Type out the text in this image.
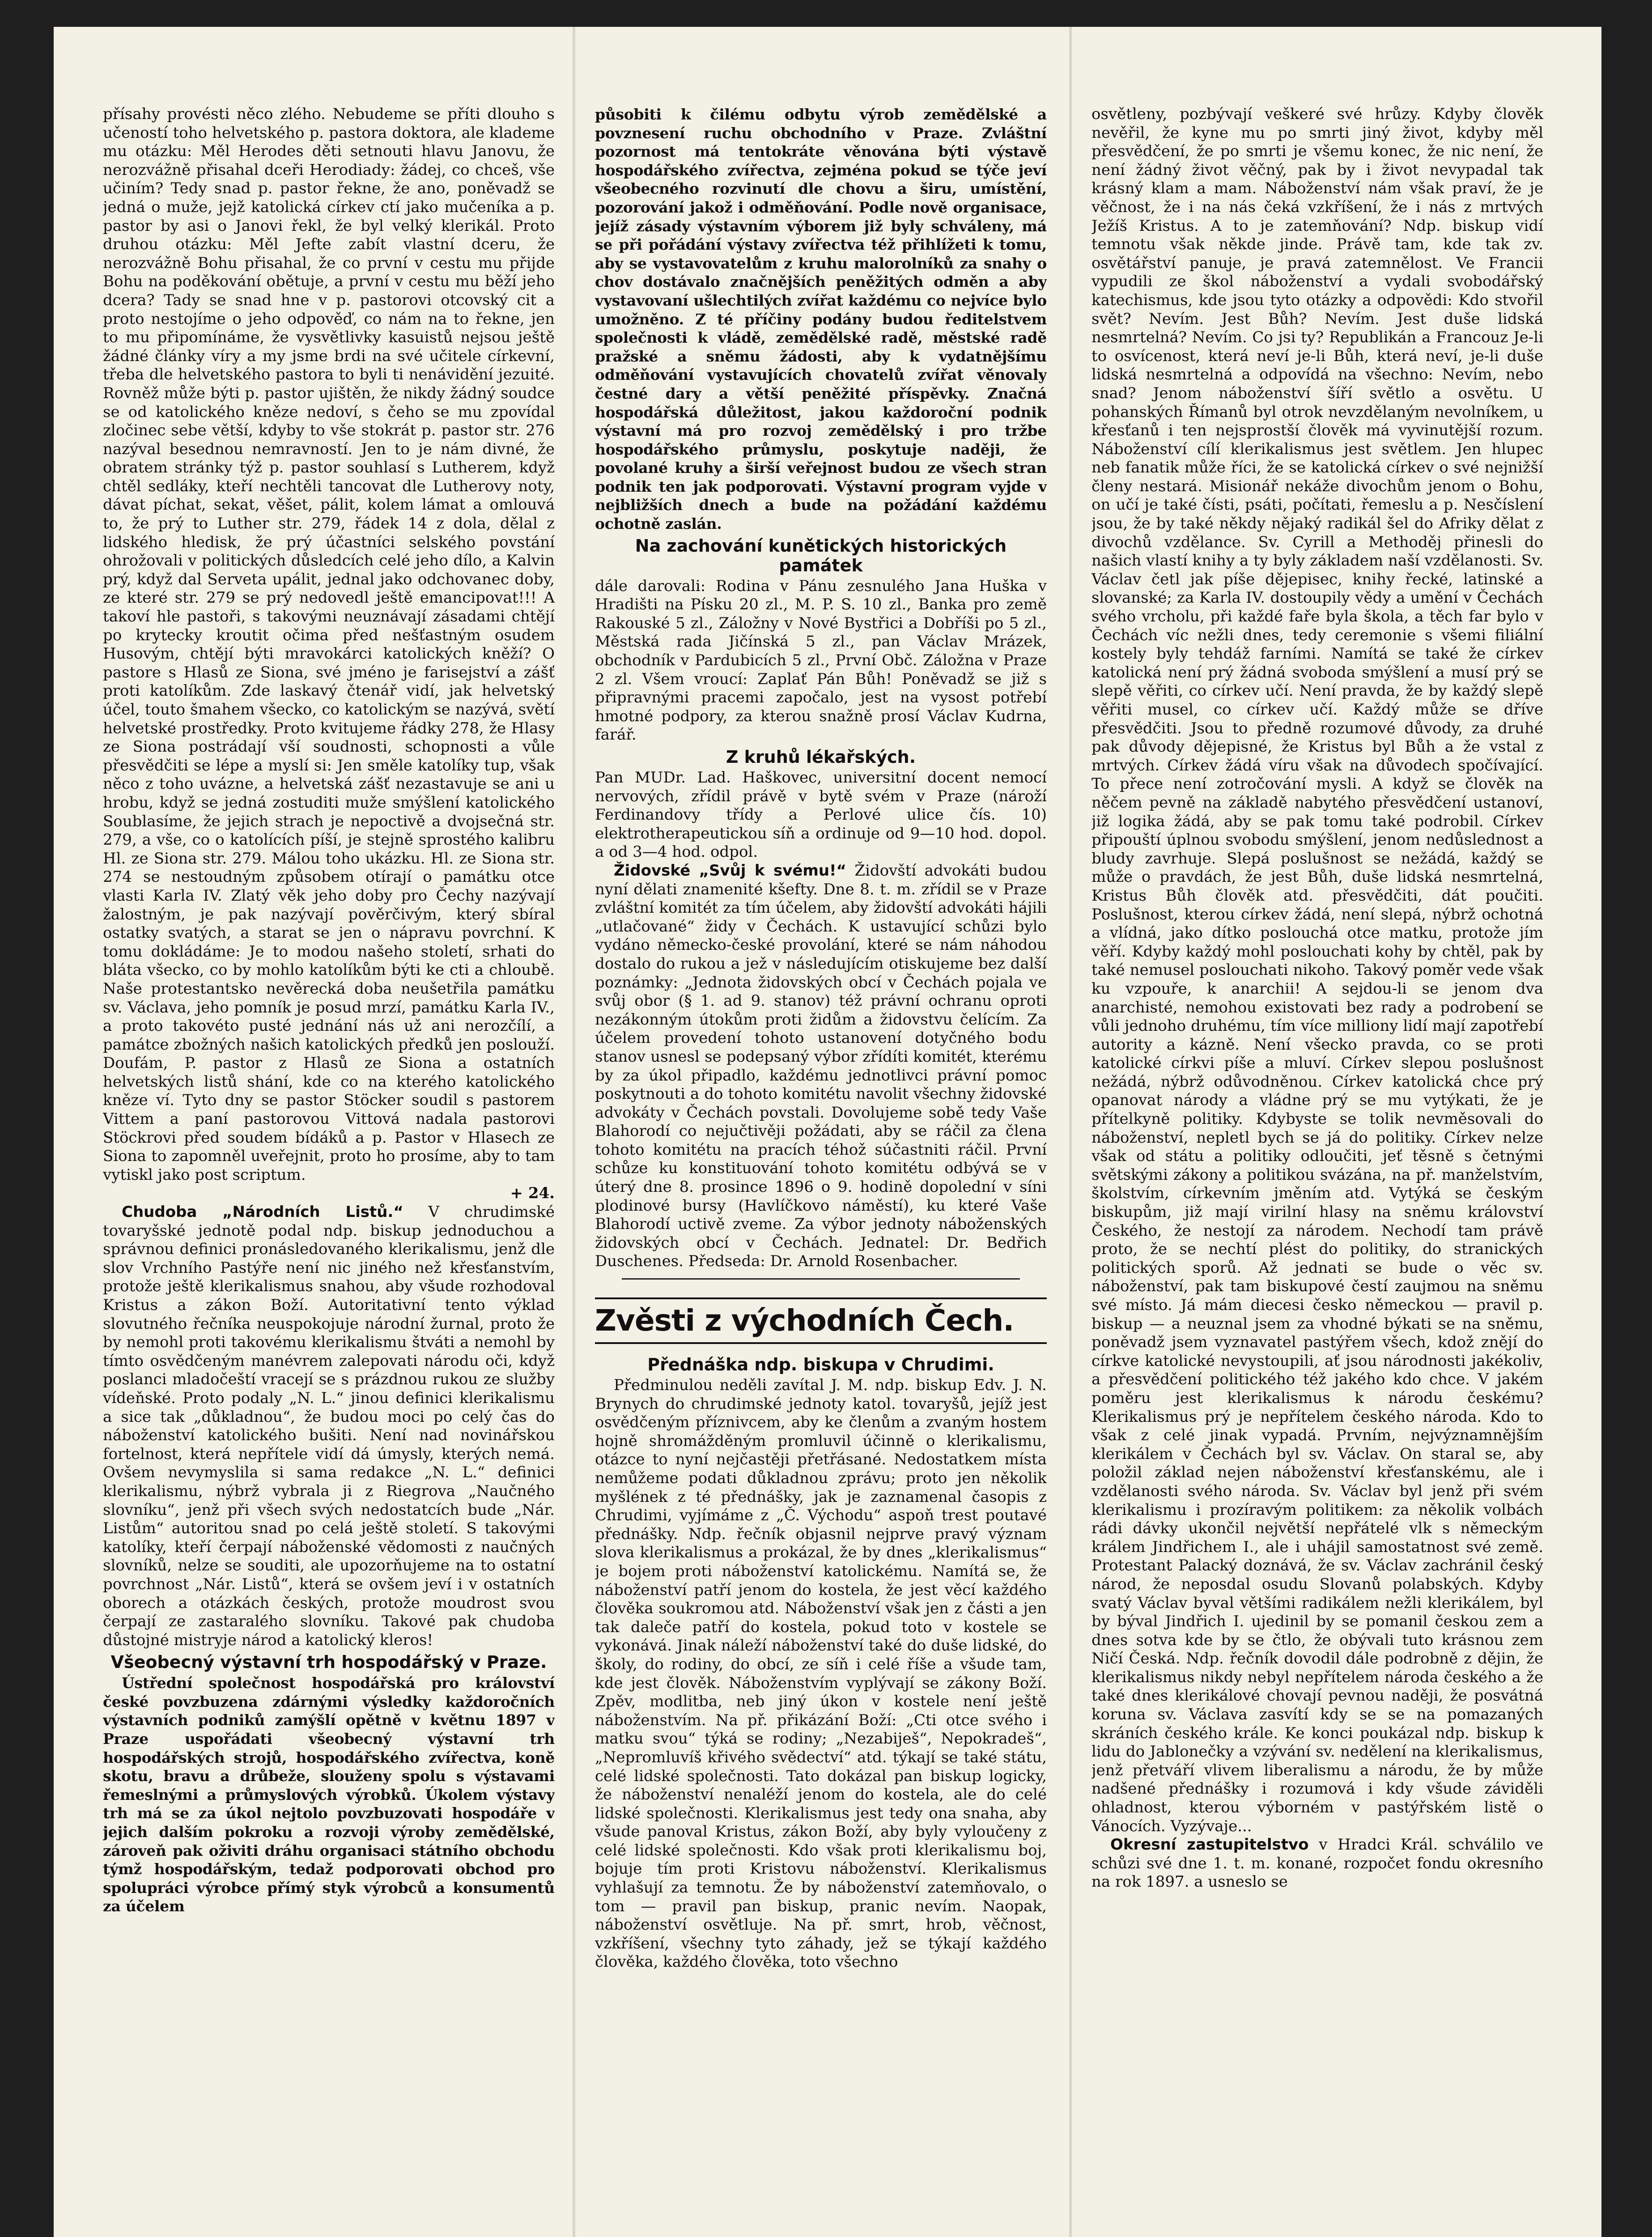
přísahy provésti něco zlého. Nebudeme se příti dlouho s učeností toho helvetského p. pastora doktora, ale klademe mu otázku: Měl Herodes děti setnouti hlavu Janovu, že nerozvážně přisahal dceři Herodiady: žádej, co chceš, vše učiním? Tedy snad p. pastor řekne, že ano, poněvadž se jedná o muže, jejž katolická církev ctí jako mučeníka a p. pastor by asi o Janovi řekl, že byl velký klerikál. Proto druhou otázku: Měl Jefte zabít vlastní dceru, že nerozvážně Bohu přisahal, že co první v cestu mu přijde Bohu na poděkování obětuje, a první v cestu mu běží jeho dcera? Tady se snad hne v p. pastorovi otcovský cit a proto nestojíme o jeho odpověď, co nám na to řekne, jen to mu připomínáme, že vysvětlivky kasuistů nejsou ještě žádné články víry a my jsme brdi na své učitele církevní, třeba dle helvetského pastora to byli ti nenávidění jezuité. Rovněž může býti p. pastor ujištěn, že nikdy žádný soudce se od katolického kněze nedoví, s čeho se mu zpovídal zločinec sebe větší, kdyby to vše stokrát p. pastor str. 276 nazýval besednou nemravností. Jen to je nám divné, že obratem stránky týž p. pastor souhlasí s Lutherem, když chtěl sedláky, kteří nechtěli tancovat dle Lutherovy noty, dávat píchat, sekat, věšet, pálit, kolem lámat a omlouvá to, že prý to Luther str. 279, řádek 14 z dola, dělal z lidského hledisk, že prý účastníci selského povstání ohrožovali v politických důsledcích celé jeho dílo, a Kalvin prý, když dal Serveta upálit, jednal jako odchovanec doby, ze které str. 279 se prý nedovedl ještě emancipovat!!! A takoví hle pastoři, s takovými neuznávají zásadami chtějí po krytecky kroutit očima před nešťastným osudem Husovým, chtějí býti mravokárci katolických kněží? O pastore s Hlasů ze Siona, své jméno je farisejství a zášť proti katolíkům. Zde laskavý čtenář vidí, jak helvetský účel, touto šmahem všecko, co katolickým se nazývá, světí helvetské prostředky. Proto kvitujeme řádky 278, že Hlasy ze Siona postrádají vší soudnosti, schopnosti a vůle přesvědčiti se lépe a myslí si: Jen směle katolíky tup, však něco z toho uvázne, a helvetská zášť nezastavuje se ani u hrobu, když se jedná zostuditi muže smýšlení katolického Soublasíme, že jejich strach je nepoctivě a dvojsečná str. 279, a vše, co o katolících píší, je stejně sprostého kalibru Hl. ze Siona str. 279. Málou toho ukázku. Hl. ze Siona str. 274 se nestoudným způsobem otírají o památku otce vlasti Karla IV. Zlatý věk jeho doby pro Čechy nazývají žalostným, je pak nazývají pověrčivým, který sbíral ostatky svatých, a starat se jen o nápravu povrchní. K tomu dokládáme: Je to modou našeho století, srhati do bláta všecko, co by mohlo katolíkům býti ke cti a chloubě. Naše protestantsko nevěrecká doba neušetřila památku sv. Václava, jeho pomník je posud mrzí, památku Karla IV., a proto takovéto pusté jednání nás už ani nerozčílí, a památce zbožných našich katolických předků jen poslouží. Doufám, P. pastor z Hlasů ze Siona a ostatních helvetských listů shání, kde co na kterého katolického kněze ví. Tyto dny se pastor Stöcker soudil s pastorem Vittem a paní pastorovou Vittová nadala pastorovi Stöckrovi před soudem bídáků a p. Pastor v Hlasech ze Siona to zapomněl uveřejnit, proto ho prosíme, aby to tam vytiskl jako post scriptum.

+ 24.

Chudoba „Národních Listů.“ V chrudimské tovaryšské jednotě podal ndp. biskup jednoduchou a správnou definici pronásledovaného klerikalismu, jenž dle slov Vrchního Pastýře není nic jiného než křesťanstvím, protože ještě klerikalismus snahou, aby všude rozhodoval Kristus a zákon Boží. Autoritativní tento výklad slovutného řečníka neuspokojuje národní žurnal, proto že by nemohl proti takovému klerikalismu štváti a nemohl by tímto osvědčeným manévrem zalepovati národu oči, když poslanci mladočeští vracejí se s prázdnou rukou ze služby vídeňské. Proto podaly „N. L.“ jinou definici klerikalismu a sice tak „důkladnou“, že budou moci po celý čas do náboženství katolického bušiti. Není nad novinářskou fortelnost, která nepřítele vidí dá úmysly, kterých nemá. Ovšem nevymyslila si sama redakce „N. L.“ definici klerikalismu, nýbrž vybrala ji z Riegrova „Naučného slovníku“, jenž při všech svých nedostatcích bude „Nár. Listům“ autoritou snad po celá ještě století. S takovými katolíky, kteří čerpají náboženské vědomosti z naučných slovníků, nelze se souditi, ale upozorňujeme na to ostatní povrchnost „Nár. Listů“, která se ovšem jeví i v ostatních oborech a otázkách českých, protože moudrost svou čerpají ze zastaralého slovníku. Takové pak chudoba důstojné mistryje národ a katolický kleros!

Všeobecný výstavní trh hospodářský v Praze.

Ústřední společnost hospodářská pro království české povzbuzena zdárnými výsledky každoročních výstavních podniků zamýšlí opětně v květnu 1897 v Praze uspořádati všeobecný výstavní trh hospodářských strojů, hospodářského zvířectva, koně skotu, bravu a drůbeže, slouženy spolu s výstavami řemeslnými a průmyslových výrobků. Úkolem výstavy trh má se za úkol nejtolo povzbuzovati hospodáře v jejich dalším pokroku a rozvoji výroby zemědělské, zároveň pak oživiti dráhu organisaci státního obchodu týmž hospodářským, tedaž podporovati obchod pro spolupráci výrobce přímý styk výrobců a konsumentů za účelem

působiti k čilému odbytu výrob zemědělské a povznesení ruchu obchodního v Praze. Zvláštní pozornost má tentokráte věnována býti výstavě hospodářského zvířectva, zejména pokud se týče jeví všeobecného rozvinutí dle chovu a širu, umístění, pozorování jakož i odměňování. Podle nově organisace, jejíž zásady výstavním výborem již byly schváleny, má se při pořádání výstavy zvířectva též přihlížeti k tomu, aby se vystavovatelům z kruhu malorolníků za snahy o chov dostávalo značnějších peněžitých odměn a aby vystavovaní ušlechtilých zvířat každému co nejvíce bylo umožněno. Z té příčiny podány budou ředitelstvem společnosti k vládě, zemědělské radě, městské radě pražské a sněmu žádosti, aby k vydatnějšímu odměňování vystavujících chovatelů zvířat věnovaly čestné dary a větší peněžité příspěvky. Značná hospodářská důležitost, jakou každoroční podnik výstavní má pro rozvoj zemědělský i pro tržbe hospodářského průmyslu, poskytuje naději, že povolané kruhy a širší veřejnost budou ze všech stran podnik ten jak podporovati. Výstavní program vyjde v nejbližších dnech a bude na požádání každému ochotně zaslán.

Na zachování kunětických historických památek

dále darovali: Rodina v Pánu zesnulého Jana Huška v Hradišti na Písku 20 zl., M. P. S. 10 zl., Banka pro země Rakouské 5 zl., Záložny v Nové Bystřici a Dobříši po 5 zl., Městská rada Jičínská 5 zl., pan Václav Mrázek, obchodník v Pardubicích 5 zl., První Obč. Záložna v Praze 2 zl. Všem vroucí: Zaplať Pán Bůh! Poněvadž se již s připravnými pracemi započalo, jest na vysost potřebí hmotné podpory, za kterou snažně prosí Václav Kudrna, farář.

Z kruhů lékařských.

Pan MUDr. Lad. Haškovec, universitní docent nemocí nervových, zřídil právě v bytě svém v Praze (nároží Ferdinandovy třídy a Perlové ulice čís. 10) elektrotherapeutickou síň a ordinuje od 9—10 hod. dopol. a od 3—4 hod. odpol.

Židovské „Svůj k svému!“ Židovští advokáti budou nyní dělati znamenité kšefty. Dne 8. t. m. zřídil se v Praze zvláštní komitét za tím účelem, aby židovští advokáti hájili „utlačované“ židy v Čechách. K ustavující schůzi bylo vydáno německo-české provolání, které se nám náhodou dostalo do rukou a jež v následujícím otiskujeme bez další poznámky: „Jednota židovských obcí v Čechách pojala ve svůj obor (§ 1. ad 9. stanov) též právní ochranu oproti nezákonným útokům proti židům a židovstvu čelícím. Za účelem provedení tohoto ustanovení dotyčného bodu stanov usnesl se podepsaný výbor zřídíti komitét, kterému by za úkol připadlo, každému jednotlivci právní pomoc poskytnouti a do tohoto komitétu navolit všechny židovské advokáty v Čechách povstali. Dovolujeme sobě tedy Vaše Blahorodí co nejučtivěji požádati, aby se ráčil za člena tohoto komitétu na pracích téhož súčastniti ráčil. První schůze ku konstituování tohoto komitétu odbývá se v úterý dne 8. prosince 1896 o 9. hodině dopolední v síni plodinové bursy (Havlíčkovo náměstí), ku které Vaše Blahorodí uctivě zveme. Za výbor jednoty náboženských židovských obcí v Čechách. Jednatel: Dr. Bedřich Duschenes. Předseda: Dr. Arnold Rosenbacher.

Zvěsti z východních Čech.
Přednáška ndp. biskupa v Chrudimi.

Předminulou neděli zavítal J. M. ndp. biskup Edv. J. N. Brynych do chrudimské jednoty katol. tovaryšů, jejíž jest osvědčeným příznivcem, aby ke členům a zvaným hostem hojně shromážděným promluvil účinně o klerikalismu, otázce to nyní nejčastěji přetřásané. Nedostatkem místa nemůžeme podati důkladnou zprávu; proto jen několik myšlének z té přednášky, jak je zaznamenal časopis z Chrudimi, vyjímáme z „Č. Východu“ aspoň trest poutavé přednášky. Ndp. řečník objasnil nejprve pravý význam slova klerikalismus a prokázal, že by dnes „klerikalismus“ je bojem proti náboženství katolickému. Namítá se, že náboženství patří jenom do kostela, že jest věcí každého člověka soukromou atd. Náboženství však jen z části a jen tak daleče patří do kostela, pokud toto v kostele se vykonává. Jinak náleží náboženství také do duše lidské, do školy, do rodiny, do obcí, ze síň i celé říše a všude tam, kde jest člověk. Náboženstvím vyplývají se zákony Boží. Zpěv, modlitba, neb jiný úkon v kostele není ještě náboženstvím. Na př. přikázání Boží: „Cti otce svého i matku svou“ týká se rodiny; „Nezabiješ“, Nepokradeš“, „Nepromluvíš křivého svědectví“ atd. týkají se také státu, celé lidské společnosti. Tato dokázal pan biskup logicky, že náboženství nenaléží jenom do kostela, ale do celé lidské společnosti. Klerikalismus jest tedy ona snaha, aby všude panoval Kristus, zákon Boží, aby byly vyloučeny z celé lidské společnosti. Kdo však proti klerikalismu boj, bojuje tím proti Kristovu náboženství. Klerikalismus vyhlašují za temnotu. Že by náboženství zatemňovalo, o tom — pravil pan biskup, pranic nevím. Naopak, náboženství osvětluje. Na př. smrt, hrob, věčnost, vzkříšení, všechny tyto záhady, jež se týkají každého člověka, každého člověka, toto všechno

osvětleny, pozbývají veškeré své hrůzy. Kdyby člověk nevěřil, že kyne mu po smrti jiný život, kdyby měl přesvědčení, že po smrti je všemu konec, že nic není, že není žádný život věčný, pak by i život nevypadal tak krásný klam a mam. Náboženství nám však praví, že je věčnost, že i na nás čeká vzkříšení, že i nás z mrtvých Ježíš Kristus. A to je zatemňování? Ndp. biskup vidí temnotu však někde jinde. Právě tam, kde tak zv. osvětářství panuje, je pravá zatemnělost. Ve Francii vypudili ze škol náboženství a vydali svobodářský katechismus, kde jsou tyto otázky a odpovědi: Kdo stvořil svět? Nevím. Jest Bůh? Nevím. Jest duše lidská nesmrtelná? Nevím. Co jsi ty? Republikán a Francouz Je-li to osvícenost, která neví je-li Bůh, která neví, je-li duše lidská nesmrtelná a odpovídá na všechno: Nevím, nebo snad? Jenom náboženství šíří světlo a osvětu. U pohanských Římanů byl otrok nevzdělaným nevolníkem, u křesťanů i ten nejsprostší člověk má vyvinutější rozum. Náboženství cílí klerikalismus jest světlem. Jen hlupec neb fanatik může říci, že se katolická církev o své nejnižší členy nestará. Misionář nekáže divochům jenom o Bohu, on učí je také čísti, psáti, počítati, řemeslu a p. Nesčíslení jsou, že by také někdy nějaký radikál šel do Afriky dělat z divochů vzdělance. Sv. Cyrill a Methoděj přinesli do našich vlastí knihy a ty byly základem naší vzdělanosti. Sv. Václav četl jak píše dějepisec, knihy řecké, latinské a slovanské; za Karla IV. dostoupily vědy a umění v Čechách svého vrcholu, při každé faře byla škola, a těch far bylo v Čechách víc nežli dnes, tedy ceremonie s všemi filiální kostely byly tehdáž farními. Namítá se také že církev katolická není prý žádná svoboda smýšlení a musí prý se slepě věřiti, co církev učí. Není pravda, že by každý slepě věřiti musel, co církev učí. Každý může se dříve přesvědčiti. Jsou to předně rozumové důvody, za druhé pak důvody dějepisné, že Kristus byl Bůh a že vstal z mrtvých. Církev žádá víru však na důvodech spočívající. To přece není zotročování mysli. A když se člověk na něčem pevně na základě nabytého přesvědčení ustanoví, již logika žádá, aby se pak tomu také podrobil. Církev připouští úplnou svobodu smýšlení, jenom nedůslednost a bludy zavrhuje. Slepá poslušnost se nežádá, každý se může o pravdách, že jest Bůh, duše lidská nesmrtelná, Kristus Bůh člověk atd. přesvědčiti, dát poučiti. Poslušnost, kterou církev žádá, není slepá, nýbrž ochotná a vlídná, jako dítko poslouchá otce matku, protože jím věří. Kdyby každý mohl poslouchati kohy by chtěl, pak by také nemusel poslouchati nikoho. Takový poměr vede však ku vzpouře, k anarchii! A sejdou-li se jenom dva anarchisté, nemohou existovati bez rady a podrobení se vůli jednoho druhému, tím více milliony lidí mají zapotřebí autority a kázně. Není všecko pravda, co se proti katolické církvi píše a mluví. Církev slepou poslušnost nežádá, nýbrž odůvodněnou. Církev katolická chce prý opanovat národy a vládne prý se mu vytýkati, že je přítelkyně politiky. Kdybyste se tolik nevměsovali do náboženství, nepletl bych se já do politiky. Církev nelze však od státu a politiky odloučiti, jeť těsně s četnými světskými zákony a politikou svázána, na př. manželstvím, školstvím, církevním jměním atd. Vytýká se českým biskupům, již mají virilní hlasy na sněmu království Českého, že nestojí za národem. Nechodí tam právě proto, že se nechtí plést do politiky, do stranických politických sporů. Až jednati se bude o věc sv. náboženství, pak tam biskupové čestí zaujmou na sněmu své místo. Já mám diecesi česko německou — pravil p. biskup — a neuznal jsem za vhodné býkati se na sněmu, poněvadž jsem vyznavatel pastýřem všech, kdož znějí do církve katolické nevystoupili, ať jsou národnosti jakékoliv, a přesvědčení politického též jakého kdo chce. V jakém poměru jest klerikalismus k národu českému? Klerikalismus prý je nepřítelem českého národa. Kdo to však z celé jinak vypadá. Prvním, nejvýznamnějším klerikálem v Čechách byl sv. Václav. On staral se, aby položil základ nejen náboženství křesťanskému, ale i vzdělanosti svého národa. Sv. Václav byl jenž při svém klerikalismu i prozíravým politikem: za několik volbách rádi dávky ukončil největší nepřátelé vlk s německým králem Jindřichem I., ale i uhájil samostatnost své země. Protestant Palacký doznává, že sv. Václav zachránil český národ, že neposdal osudu Slovanů polabských. Kdyby svatý Václav byval většími radikálem nežli klerikálem, byl by býval Jindřich I. ujedinil by se pomanil českou zem a dnes sotva kde by se čtlo, že obývali tuto krásnou zem Ničí Česká. Ndp. řečník dovodil dále podrobně z dějin, že klerikalismus nikdy nebyl nepřítelem národa českého a že také dnes klerikálové chovají pevnou naději, že posvátná koruna sv. Václava zasvítí kdy se se na pomazaných skráních českého krále. Ke konci poukázal ndp. biskup k lidu do Jablonečky a vzývání sv. nedělení na klerikalismus, jenž přetváří vlivem liberalismu a národu, že by může nadšené přednášky i rozumová i kdy všude záviděli ohladnost, kterou výborném v pastýřském listě o Vánocích. Vyzývaje...

Okresní zastupitelstvo v Hradci Král. schválilo ve schůzi své dne 1. t. m. konané, rozpočet fondu okresního na rok 1897. a usneslo se
